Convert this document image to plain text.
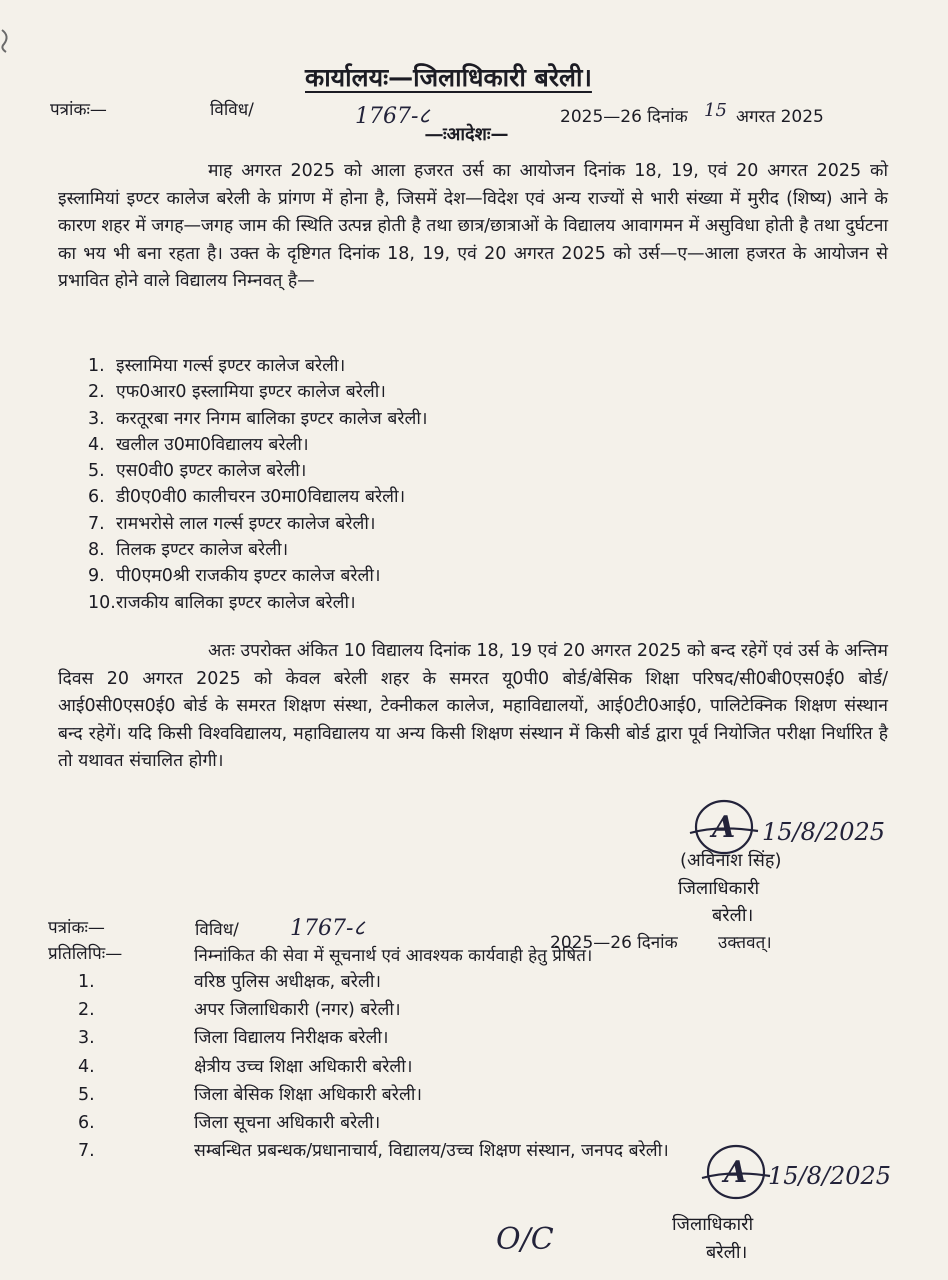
कार्यालयः—जिलाधिकारी बरेली।
पत्रांकः—	विविध/	1767-८	2025—26 दिनांक 15 अगरत 2025
—ःआदेशः—

माह अगरत 2025 को आला हजरत उर्स का आयोजन दिनांक 18, 19, एवं 20 अगरत 2025 को इस्लामियां इण्टर कालेज बरेली के प्रांगण में होना है, जिसमें देश—विदेश एवं अन्य राज्यों से भारी संख्या में मुरीद (शिष्य) आने के कारण शहर में जगह—जगह जाम की स्थिति उत्पन्न होती है तथा छात्र/छात्राओं के विद्यालय आवागमन में असुविधा होती है तथा दुर्घटना का भय भी बना रहता है। उक्त के दृष्टिगत दिनांक 18, 19, एवं 20 अगरत 2025 को उर्स—ए—आला हजरत के आयोजन से प्रभावित होने वाले विद्यालय निम्नवत् है—

1. इस्लामिया गर्ल्स इण्टर कालेज बरेली।
2. एफ0आर0 इस्लामिया इण्टर कालेज बरेली।
3. करतूरबा नगर निगम बालिका इण्टर कालेज बरेली।
4. खलील उ0मा0विद्यालय बरेली।
5. एस0वी0 इण्टर कालेज बरेली।
6. डी0ए0वी0 कालीचरन उ0मा0विद्यालय बरेली।
7. रामभरोसे लाल गर्ल्स इण्टर कालेज बरेली।
8. तिलक इण्टर कालेज बरेली।
9. पी0एम0श्री राजकीय इण्टर कालेज बरेली।
10. राजकीय बालिका इण्टर कालेज बरेली।

अतः उपरोक्त अंकित 10 विद्यालय दिनांक 18, 19 एवं 20 अगरत 2025 को बन्द रहेगें एवं उर्स के अन्तिम दिवस 20 अगरत 2025 को केवल बरेली शहर के समरत यू0पी0 बोर्ड/बेसिक शिक्षा परिषद/सी0बी0एस0ई0 बोर्ड/आई0सी0एस0ई0 बोर्ड के समरत शिक्षण संस्था, टेक्नीकल कालेज, महाविद्यालयों, आई0टी0आई0, पालिटेक्निक शिक्षण संस्थान बन्द रहेगें। यदि किसी विश्वविद्यालय, महाविद्यालय या अन्य किसी शिक्षण संस्थान में किसी बोर्ड द्वारा पूर्व नियोजित परीक्षा निर्धारित है तो यथावत संचालित होगी।

A 15/8/2025
(अविनाश सिंह)
जिलाधिकारी
बरेली।
पत्रांकः—	विविध/ 1767-८
2025—26 दिनांक उक्तवत्।
प्रतिलिपिः—	निम्नांकित की सेवा में सूचनार्थ एवं आवश्यक कार्यवाही हेतु प्रेषित।
1.	वरिष्ठ पुलिस अधीक्षक, बरेली।
2.	अपर जिलाधिकारी (नगर) बरेली।
3.	जिला विद्यालय निरीक्षक बरेली।
4.	क्षेत्रीय उच्च शिक्षा अधिकारी बरेली।
5.	जिला बेसिक शिक्षा अधिकारी बरेली।
6.	जिला सूचना अधिकारी बरेली।
7.	सम्बन्धित प्रबन्धक/प्रधानाचार्य, विद्यालय/उच्च शिक्षण संस्थान, जनपद बरेली।
A 15/8/2025
जिलाधिकारी
बरेली।
O/C
